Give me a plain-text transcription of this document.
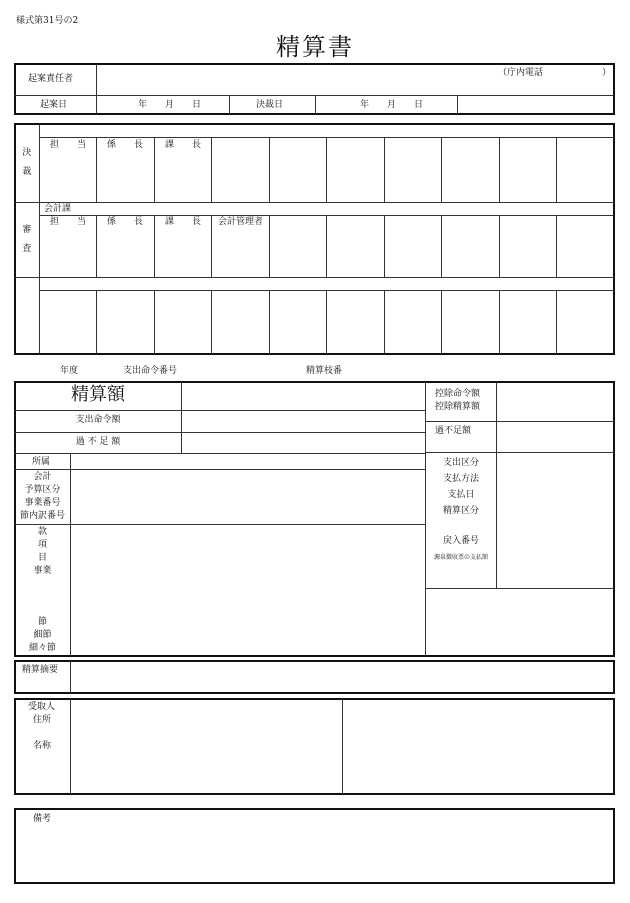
様式第31号の2
精算書
起案責任者
（庁内電話	）
起案日	年　　月　　日	決裁日	年　　月　　日
決裁
審査
会計課
担　　当	係　　長	課　　長
担　　当	係　　長	課　　長	会計管理者
年度	支出命令番号	精算枝番
精算額
支出命令額
過 不 足 額
控除命令額
控除精算額
過不足額
所属
会計
予算区分
事業番号
節内訳番号
款
項
目
事業
節
細節
細々節
支出区分
支払方法
支払日
精算区分
戻入番号
源泉徴収票の支払額
精算摘要
受取人
住所
名称
備考
